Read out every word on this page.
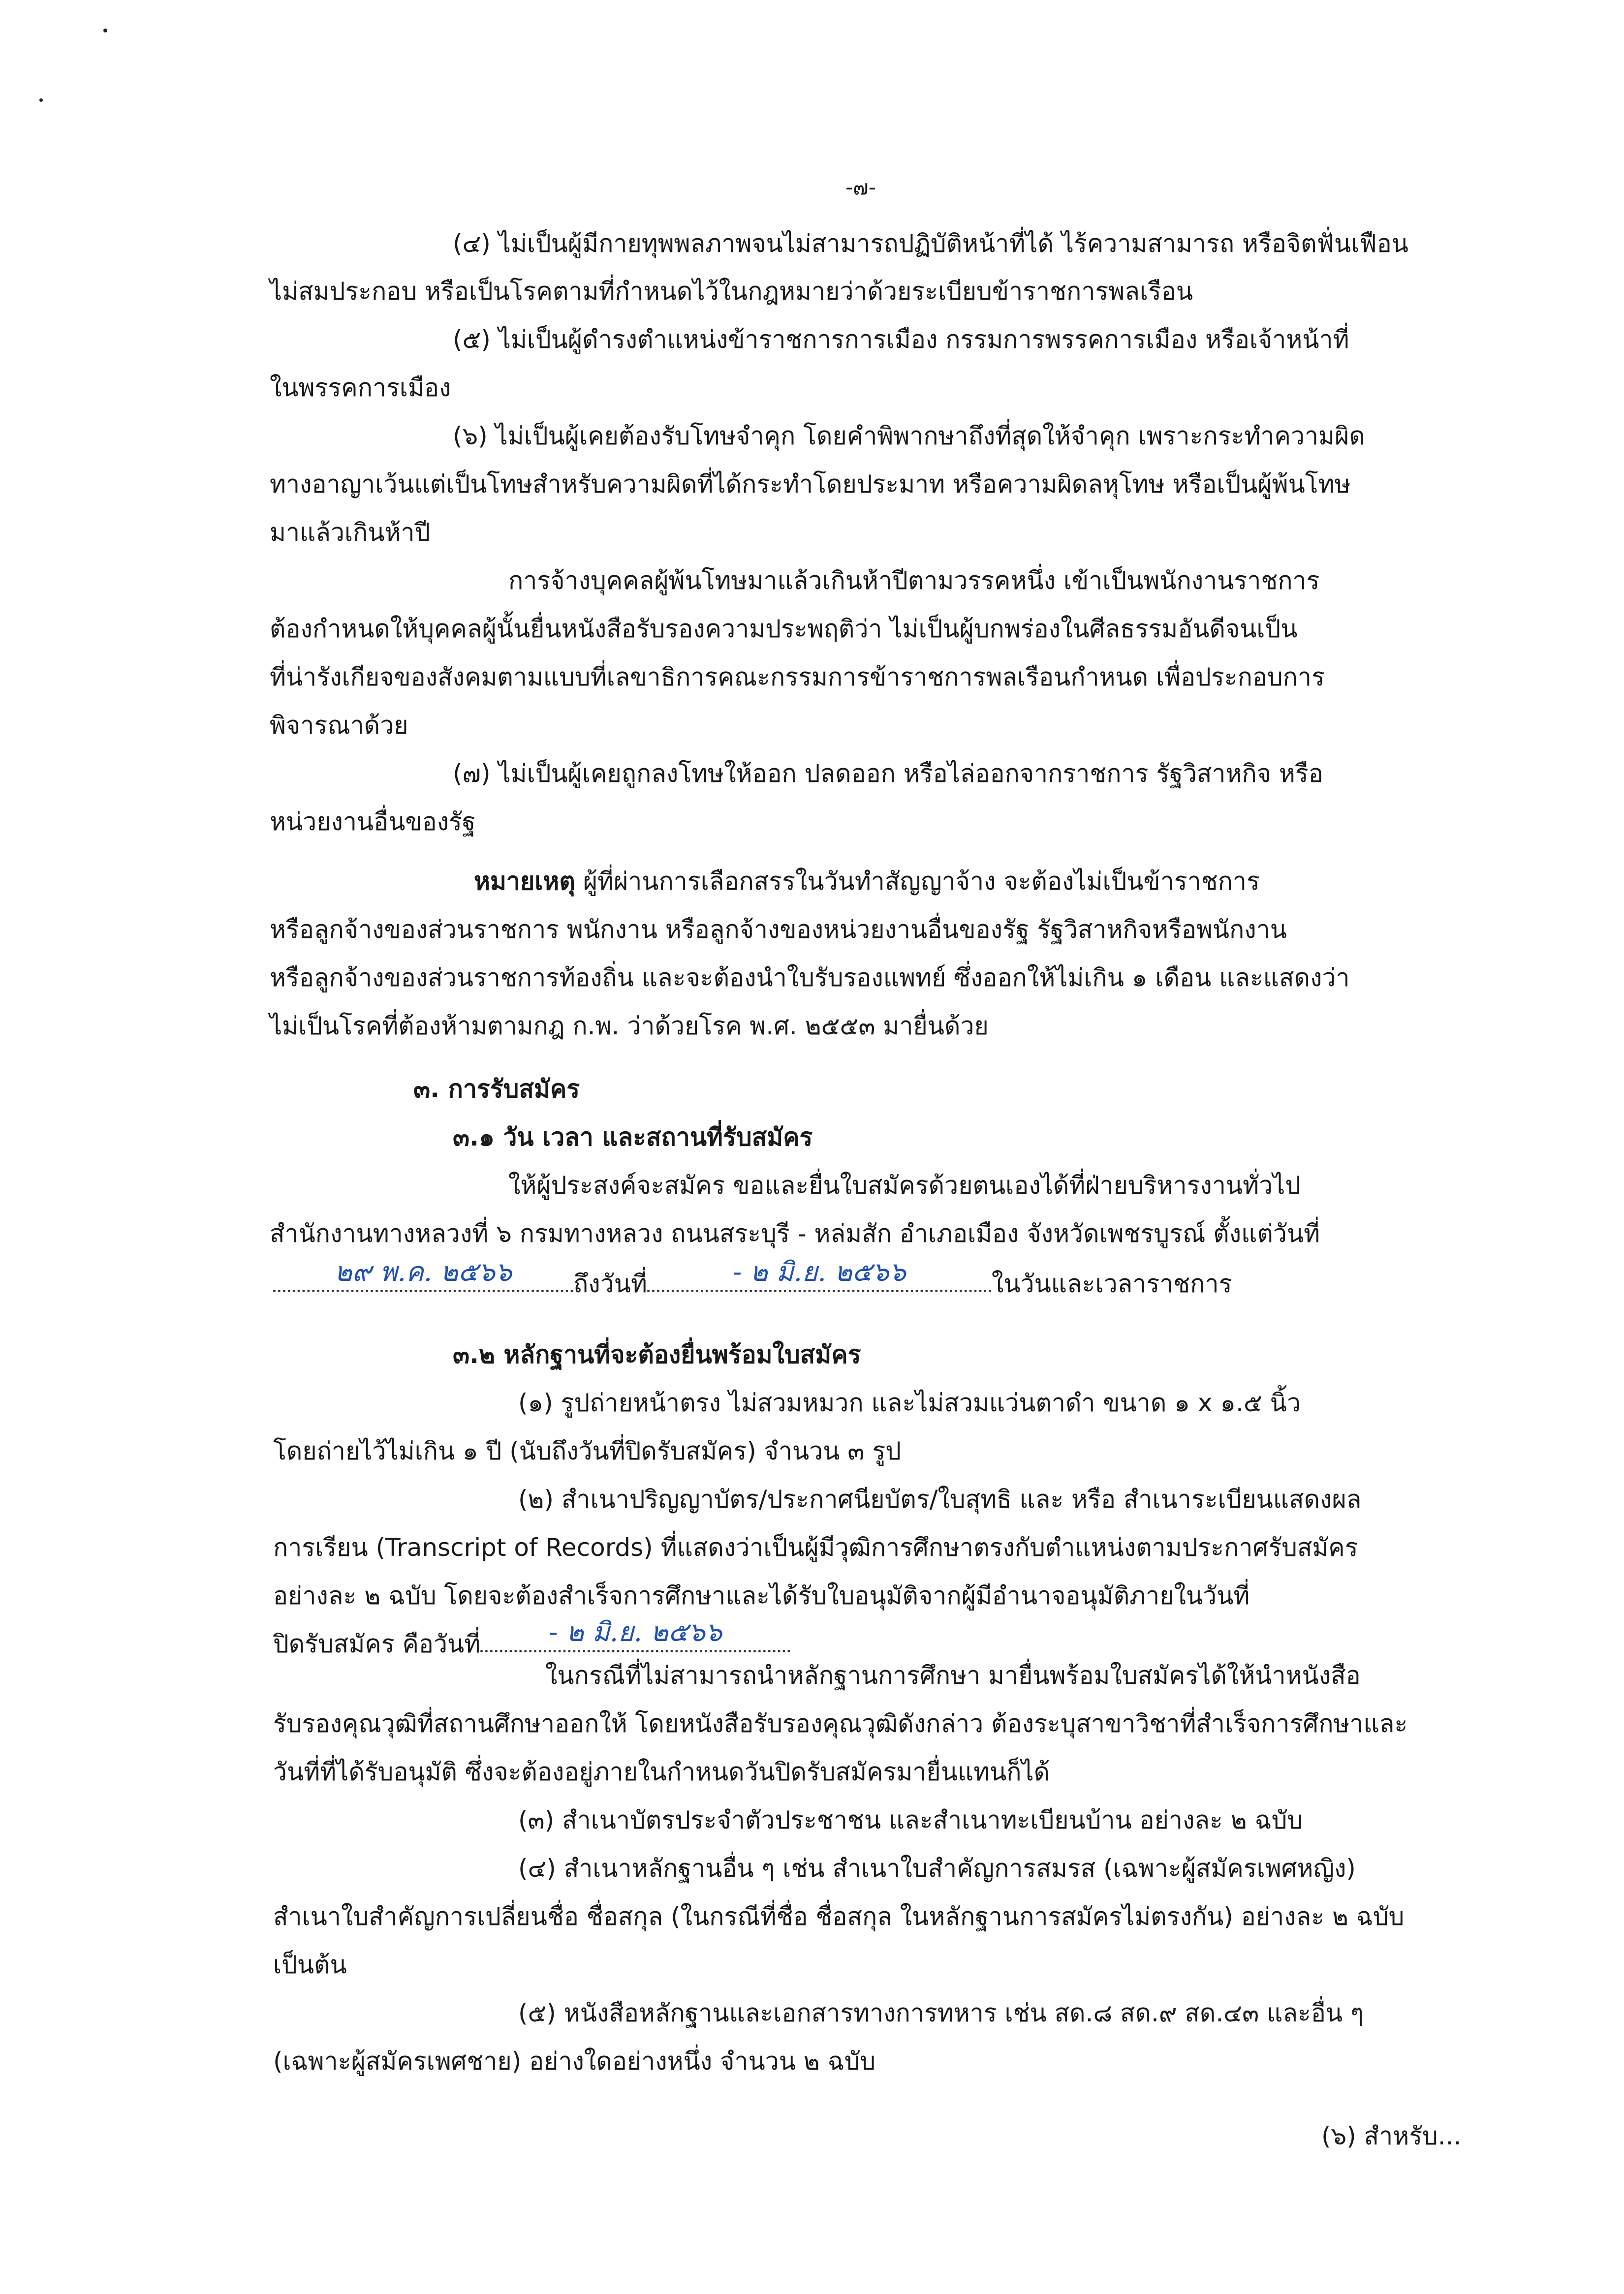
-๗-
(๔) ไม่เป็นผู้มีกายทุพพลภาพจนไม่สามารถปฏิบัติหน้าที่ได้ ไร้ความสามารถ หรือจิตฟั่นเฟือน
ไม่สมประกอบ หรือเป็นโรคตามที่กำหนดไว้ในกฎหมายว่าด้วยระเบียบข้าราชการพลเรือน
(๕) ไม่เป็นผู้ดำรงตำแหน่งข้าราชการการเมือง กรรมการพรรคการเมือง หรือเจ้าหน้าที่
ในพรรคการเมือง
(๖) ไม่เป็นผู้เคยต้องรับโทษจำคุก โดยคำพิพากษาถึงที่สุดให้จำคุก เพราะกระทำความผิด
ทางอาญาเว้นแต่เป็นโทษสำหรับความผิดที่ได้กระทำโดยประมาท หรือความผิดลหุโทษ หรือเป็นผู้พ้นโทษ
มาแล้วเกินห้าปี
การจ้างบุคคลผู้พ้นโทษมาแล้วเกินห้าปีตามวรรคหนึ่ง เข้าเป็นพนักงานราชการ
ต้องกำหนดให้บุคคลผู้นั้นยื่นหนังสือรับรองความประพฤติว่า ไม่เป็นผู้บกพร่องในศีลธรรมอันดีจนเป็น
ที่น่ารังเกียจของสังคมตามแบบที่เลขาธิการคณะกรรมการข้าราชการพลเรือนกำหนด เพื่อประกอบการ
พิจารณาด้วย
(๗) ไม่เป็นผู้เคยถูกลงโทษให้ออก ปลดออก หรือไล่ออกจากราชการ รัฐวิสาหกิจ หรือ
หน่วยงานอื่นของรัฐ
หมายเหตุ ผู้ที่ผ่านการเลือกสรรในวันทำสัญญาจ้าง จะต้องไม่เป็นข้าราชการ
หรือลูกจ้างของส่วนราชการ พนักงาน หรือลูกจ้างของหน่วยงานอื่นของรัฐ รัฐวิสาหกิจหรือพนักงาน
หรือลูกจ้างของส่วนราชการท้องถิ่น และจะต้องนำใบรับรองแพทย์ ซึ่งออกให้ไม่เกิน ๑ เดือน และแสดงว่า
ไม่เป็นโรคที่ต้องห้ามตามกฎ ก.พ. ว่าด้วยโรค พ.ศ. ๒๕๕๓ มายื่นด้วย
๓. การรับสมัคร
๓.๑ วัน เวลา และสถานที่รับสมัคร
ให้ผู้ประสงค์จะสมัคร ขอและยื่นใบสมัครด้วยตนเองได้ที่ฝ่ายบริหารงานทั่วไป
สำนักงานทางหลวงที่ ๖ กรมทางหลวง ถนนสระบุรี - หล่มสัก อำเภอเมือง จังหวัดเพชรบูรณ์ ตั้งแต่วันที่
๒๙ พ.ค. ๒๕๖๖ ถึงวันที่	- ๒ มิ.ย. ๒๕๖๖	ในวันและเวลาราชการ
๓.๒ หลักฐานที่จะต้องยื่นพร้อมใบสมัคร
(๑) รูปถ่ายหน้าตรง ไม่สวมหมวก และไม่สวมแว่นตาดำ ขนาด ๑ x ๑.๕ นิ้ว
โดยถ่ายไว้ไม่เกิน ๑ ปี (นับถึงวันที่ปิดรับสมัคร) จำนวน ๓ รูป
(๒) สำเนาปริญญาบัตร/ประกาศนียบัตร/ใบสุทธิ และ หรือ สำเนาระเบียนแสดงผล
การเรียน (Transcript of Records) ที่แสดงว่าเป็นผู้มีวุฒิการศึกษาตรงกับตำแหน่งตามประกาศรับสมัคร
อย่างละ ๒ ฉบับ โดยจะต้องสำเร็จการศึกษาและได้รับใบอนุมัติจากผู้มีอำนาจอนุมัติภายในวันที่
ปิดรับสมัคร คือวันที่	- ๒ มิ.ย. ๒๕๖๖
ในกรณีที่ไม่สามารถนำหลักฐานการศึกษา มายื่นพร้อมใบสมัครได้ให้นำหนังสือ
รับรองคุณวุฒิที่สถานศึกษาออกให้ โดยหนังสือรับรองคุณวุฒิดังกล่าว ต้องระบุสาขาวิชาที่สำเร็จการศึกษาและ
วันที่ที่ได้รับอนุมัติ ซึ่งจะต้องอยู่ภายในกำหนดวันปิดรับสมัครมายื่นแทนก็ได้
(๓) สำเนาบัตรประจำตัวประชาชน และสำเนาทะเบียนบ้าน อย่างละ ๒ ฉบับ
(๔) สำเนาหลักฐานอื่น ๆ เช่น สำเนาใบสำคัญการสมรส (เฉพาะผู้สมัครเพศหญิง)
สำเนาใบสำคัญการเปลี่ยนชื่อ ชื่อสกุล (ในกรณีที่ชื่อ ชื่อสกุล ในหลักฐานการสมัครไม่ตรงกัน) อย่างละ ๒ ฉบับ
เป็นต้น
(๕) หนังสือหลักฐานและเอกสารทางการทหาร เช่น สด.๘ สด.๙ สด.๔๓ และอื่น ๆ
(เฉพาะผู้สมัครเพศชาย) อย่างใดอย่างหนึ่ง จำนวน ๒ ฉบับ
(๖) สำหรับ...
